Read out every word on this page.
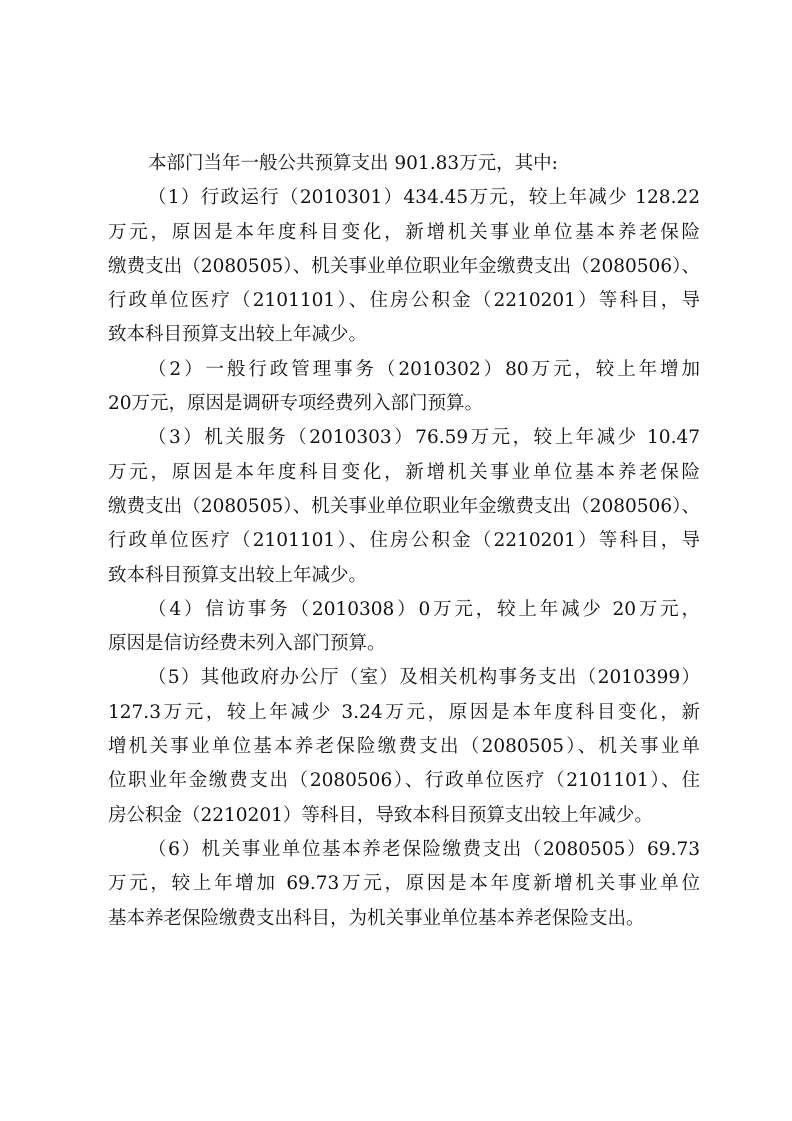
本部门当年一般公共预算支出 901.83万元，其中:
（1）行政运行（2010301）434.45万元，较上年减少 128.22
万元，原因是本年度科目变化，新增机关事业单位基本养老保险
缴费支出（2080505）、机关事业单位职业年金缴费支出（2080506）、
行政单位医疗（2101101）、住房公积金（2210201）等科目，导
致本科目预算支出较上年减少。
（2）一般行政管理事务（2010302）80万元，较上年增加
20万元，原因是调研专项经费列入部门预算。
（3）机关服务（2010303）76.59万元，较上年减少 10.47
万元，原因是本年度科目变化，新增机关事业单位基本养老保险
缴费支出（2080505）、机关事业单位职业年金缴费支出（2080506）、
行政单位医疗（2101101）、住房公积金（2210201）等科目，导
致本科目预算支出较上年减少。
（4）信访事务（2010308）0万元，较上年减少 20万元，
原因是信访经费未列入部门预算。
（5）其他政府办公厅（室）及相关机构事务支出（2010399）
127.3万元，较上年减少 3.24万元，原因是本年度科目变化，新
增机关事业单位基本养老保险缴费支出（2080505）、机关事业单
位职业年金缴费支出（2080506）、行政单位医疗（2101101）、住
房公积金（2210201）等科目，导致本科目预算支出较上年减少。
（6）机关事业单位基本养老保险缴费支出（2080505）69.73
万元，较上年增加 69.73万元，原因是本年度新增机关事业单位
基本养老保险缴费支出科目，为机关事业单位基本养老保险支出。
